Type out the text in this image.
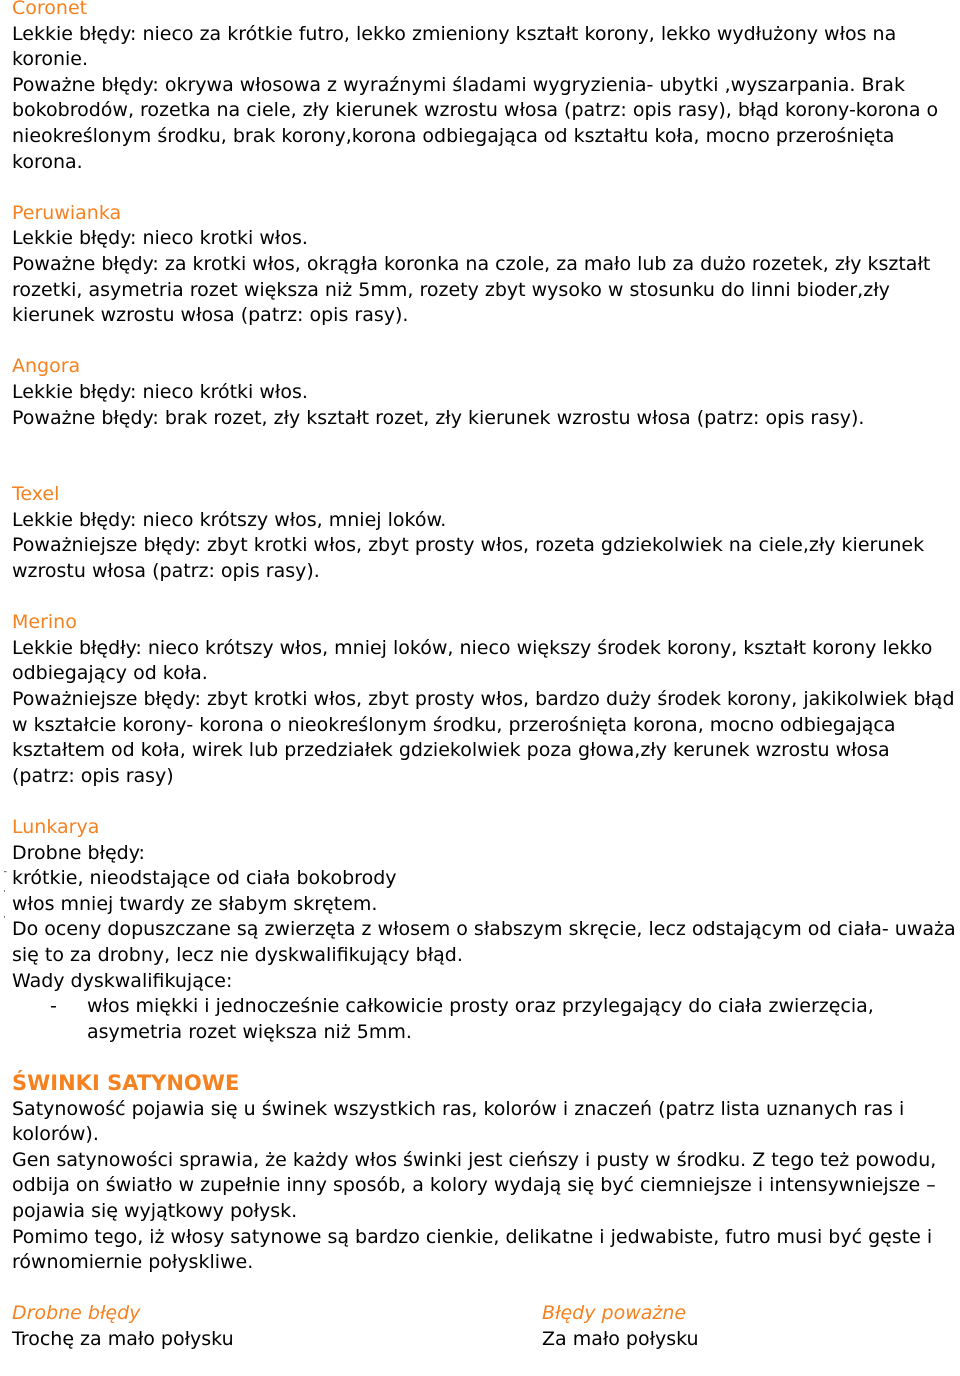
Coronet

Lekkie błędy: nieco za krótkie futro, lekko zmieniony kształt korony, lekko wydłużony włos na koronie.

Poważne błędy: okrywa włosowa z wyraźnymi śladami wygryzienia- ubytki ,wyszarpania. Brak bokobrodów, rozetka na ciele, zły kierunek wzrostu włosa (patrz: opis rasy), błąd korony-korona o nieokreślonym środku, brak korony,korona odbiegająca od kształtu koła, mocno przerośnięta korona.

Peruwianka

Lekkie błędy: nieco krotki włos.

Poważne błędy: za krotki włos, okrągła koronka na czole, za mało lub za dużo rozetek, zły kształt rozetki, asymetria rozet większa niż 5mm, rozety zbyt wysoko w stosunku do linni bioder,zły kierunek wzrostu włosa (patrz: opis rasy).

Angora

Lekkie błędy: nieco krótki włos.

Poważne błędy: brak rozet, zły kształt rozet, zły kierunek wzrostu włosa (patrz: opis rasy).

Texel

Lekkie błędy: nieco krótszy włos, mniej loków.

Poważniejsze błędy: zbyt krotki włos, zbyt prosty włos, rozeta gdziekolwiek na ciele,zły kierunek wzrostu włosa (patrz: opis rasy).

Merino

Lekkie błędły: nieco krótszy włos, mniej loków, nieco większy środek korony, kształt korony lekko odbiegający od koła.

Poważniejsze błędy: zbyt krotki włos, zbyt prosty włos, bardzo duży środek korony, jakikolwiek błąd w kształcie korony- korona o nieokreślonym środku, przerośnięta korona, mocno odbiegająca kształtem od koła, wirek lub przedziałek gdziekolwiek poza głowa,zły kerunek wzrostu włosa (patrz: opis rasy)

Lunkarya

Drobne błędy:

krótkie, nieodstające od ciała bokobrody

¯
·

włos mniej twardy ze słabym skrętem.

·

Do oceny dopuszczane są zwierzęta z włosem o słabszym skręcie, lecz odstającym od ciała- uważa się to za drobny, lecz nie dyskwalifikujący błąd.

Wady dyskwalifikujące:

- włos miękki i jednocześnie całkowicie prosty oraz przylegający do ciała zwierzęcia, asymetria rozet większa niż 5mm.

ŚWINKI SATYNOWE

Satynowość pojawia się u świnek wszystkich ras, kolorów i znaczeń (patrz lista uznanych ras i kolorów).

Gen satynowości sprawia, że każdy włos świnki jest cieńszy i pusty w środku. Z tego też powodu, odbija on światło w zupełnie inny sposób, a kolory wydają się być ciemniejsze i intensywniejsze – pojawia się wyjątkowy połysk.

Pomimo tego, iż włosy satynowe są bardzo cienkie, delikatne i jedwabiste, futro musi być gęste i równomiernie połyskliwe.

Drobne błędy

Trochę za mało połysku

Błędy poważne

Za mało połysku
